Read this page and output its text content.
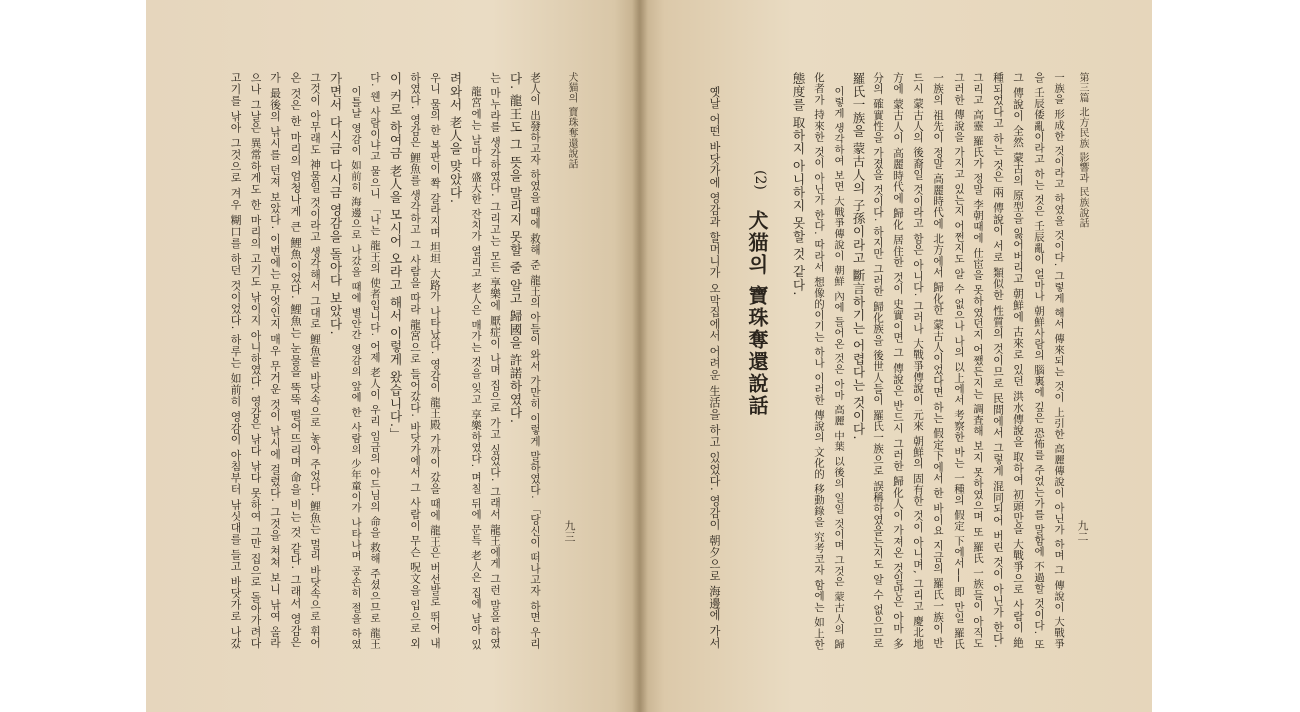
고기를 낚아 그것으로 겨우 糊口를 하던 것이었다. 하루는 如前히 영감이 아침부터 낚싯대를 들고 바닷가로 나갔 으나 그날은 異常하게도 한 마리의 고기도 낚이지 아니하였다. 영감은 낚다 낚다 못하여 그만 집으로 돌아가려다 가 最後의 낚시를 던져 보았다. 이번에는 무엇인지 매우 무거운 것이 낚시에 걸렸다. 그것을 쳐쳐 보니 낚여 올라 온 것은 한 마리의 엄청나게 큰 鯉魚이었다. 鯉魚는 눈물을 뚝뚝 떨어뜨리며 命을 비는 것 같다. 그래서 영감은 그것이 아무래도 神물일 것이라고 생각해서 그대로 鯉魚를 바닷속으로 놓아 주었다. 鯉魚는 멀리 바닷속으로 휘어 가면서 다시금 다시금 영감을 돌아다 보았다. 이틀날 영감이 如前히 海邊으로 나갔을 때에 별안간 영감의 앞에 한 사람의 少年童이가 나타나며 공손히 절을 하였 다. 웬 사람이냐고 물으니 「나는 龍王의 使者입니다. 어제 老人이 우리 임금의 아드님의 命을 救해 주셨으므로 龍王 이 커로 하여금 老人을 모시어 오라고 해서 이렇게 왔습니다.」 하였다. 영감은 鯉魚를 생각하고 그 사람을 따라 龍宮으로 들어갔다. 바닷가에서 그 사람이 무슨 呪文을 입으로 외 우니 물의 한 복판이 쫙 갈라지며 坦坦 大路가 나타났다. 영감이 龍王殿 가까이 갔을 때에 龍王은 버선발로 뛰어 내 려와서 老人을 맞았다. 龍宮에는 날마다 盛大한 잔치가 열리고 老人은 매가는 것을 잊고 享樂하였다. 며칠 뒤에 문득 老人은 집에 남아 있 는 마누라를 생각하였다. 그리고는 모든 享樂에 厭症이 나며 집으로 가고 싶었다. 그래서 龍王에게 그런 말을 하였 다. 龍王도 그 뜻을 말리지 못할 줄 알고 歸國을 許諾하였다. 老人이 出發하고자 하였을 때에 救해 준 龍王의 아들이 와서 가만히 이렇게 말하였다. 「당신이 떠나고자 하면 우리	犬猫의 寶珠奪還說話
九三
第三篇 北方民族 影響과 民族說話
九二
一族을 形成한 것이라고 하였을 것이다. 그렇게 해서 傳來되는 것이 上引한 高麗傳說이 아닌가 하며 그 傳說이 大戰爭
을 壬辰倭亂이라고 하는 것은 壬辰亂이 얼마나 朝鮮사람의 腦裏에 깊은 恐怖를 주었는가를 말함에 不過할 것이다. 또
그 傳說이 全然 蒙古의 原型을 잃어버리고 朝鮮에 古來로 있던 洪水傳說을 取하여 初頭만을 大戰爭으로 사람이 絶
種되었다고 하는 것은 兩 傳說이 서로 類似한 性質의 것이므로 民間에서 그렇게 混同되어 버린 것이 아닌가 한다.
그리고 高靈 羅氏가 정말 李朝때에 仕宦을 못하였던지 어쨌든지는 調査해 보지 못하였으며 또 羅氏 一族들이 아직도
그러한 傳說을 가지고 있는지 어쩐지도 알 수 없으나 나의 以上에서 考察한 바는 一種의 假定 下에서── 即 만일 羅氏
一族의 祖先이 정말 高麗時代에 北方에서 歸化한 蒙古人이었다면 하는 假定下에서 한 바이요 지금의 羅氏一族이 반
드시 蒙古人의 後裔일 것이라고 함은 아니다. 그러나 大戰爭傳說이 元來 朝鮮의 固有한 것이 아니며, 그리고 慶北地
方에 蒙古人이 高麗時代에 歸化 居住한 것이 史實이면 그 傳說은 반드시 그러한 歸化人이 가져온 것일만은 아마 多
分의 確實性을 가졌을 것이다. 하지만 그러한 歸化族을 後世人들이 羅氏一族으로 誤稱하였을는지도 알 수 없으므로
羅氏一族을 蒙古人의 子孫이라고 斷言하기는 어렵다는 것이다.
이렇게 생각하여 보면 大戰爭傳說이 朝鮮 內에 들어온 것은 아마 高麗 中葉 以後의 일일 것이며 그것은 蒙古人의 歸
化者가 持來한 것이 아닌가 한다. 따라서 想像的이기는 하나 이러한 傳說의 文化的 移動錄을 究考코자 함에는 如上한
態度를 取하지 아니하지 못할 것 같다.
(2)
犬猫의 寶珠奪還說話
옛날 어떤 바닷가에 영감과 할머니가 오막집에서 어려운 生活을 하고 있었다. 영감이 朝夕으로 海邊에 가서
